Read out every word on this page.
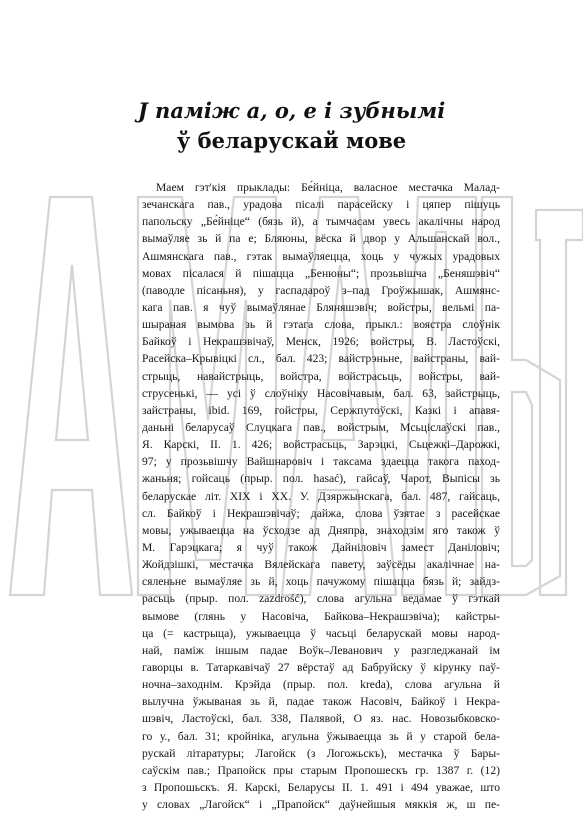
Ј паміж а, о, е і зубнымі
ў беларускай мове
Маем гэт'кія прыклады: Бе́йніца, валасное местачка Малад-
зечанскага пав., урадова пісалі парасейску і цяпер пішуць
папольску „Бе́йніце“ (бязь й), а тымчасам увесь акалічны народ
вымаўляе зь й па е; Бляюны, вёска й двор у Альшанскай вол.,
Ашмянскага пав., гэтак вымаўляецца, хоць у чужых урадовых
мовах пісалася й пішацца „Бенюны“; прозьвішча „Беняшэвіч“
(паводле пісаньня), у гаспадароў з–пад Гроўжышак, Ашмянс-
кага пав. я чуў вымаўлянае Бляняшэвіч; войстры, вельмі па-
шыраная вымова зь й гэтага слова, прыкл.: воястра слоўнік
Байкоў і Некрашэвічаў, Менск, 1926; войстры, В. Ластоўскі,
Расейска–Крывіцкі сл., бал. 423; вайстрэньне, вайстраны, вай-
стрыць, навайстрыць, войстра, войстрасьць, войстры, вай-
струсенькі, — усі ў слоўніку Насовічавым, бал. 63, зайстрыць,
зайстраны, ibid. 169, гойстры, Сержпутоўскі, Казкі і апавя-
даньні беларусаў Слуцкага пав., войстрым, Мсьціслаўскі пав.,
Я. Карскі, II. 1. 426; войстрасьць, Зарэцкі, Сьцежкі–Дарожкі,
97; у прозьвішчу Вайшнаровіч і таксама здаецца такога паход-
жаньня; гойсаць (прыр. пол. hasać), гайсаў, Чарот, Выпісы зь
беларускае літ. XIX і XX. У. Дзяржынскага, бал. 487, гайсаць,
сл. Байкоў і Некрашэвічаў; дайжа, слова ўзятае з расейскае
мовы, ужываецца на ўсходзе ад Дняпра, знаходзім яго також ў
М. Гарэцкага; я чуў також Дайніловіч замест Даніловіч;
Жойдзішкі, местачка Вялейскага павету, заўсёды акалічнае на-
сяленьне вымаўляе зь й, хоць пачужому пішацца бязь й; зайдз-
расьць (прыр. пол. zazdrość), слова агульна ведамае ў гэткай
вымове (глянь у Насовіча, Байкова–Некрашэвіча); кайстры-
ца (= кастрыца), ужываецца ў часьці беларускай мовы народ-
най, паміж іншым падае Воўк–Леванович у разгледжанай ім
гаворцы в. Татаркавічаў 27 вёрстаў ад Бабруйску ў кірунку паў-
ночна–заходнім. Крэйда (прыр. пол. kreda), слова агульна й
вылучна ўжываная зь й, падае також Насовіч, Байкоў і Некра-
шэвіч, Ластоўскі, бал. 338, Палявой, О яз. нас. Новозыбковско-
го у., бал. 31; кройніка, агульна ўжываецца зь й у старой бела-
рускай літаратуры; Лагойск (з Логожьскъ), местачка ў Бары-
саўскім пав.; Прапойск пры старым Пропошескъ гр. 1387 г. (12)
з Пропошьскъ. Я. Карскі, Беларусы II. 1. 491 і 494 уважае, што
у словах „Лагойск“ і „Прапойск“ даўнейшыя мяккія ж, ш пе-
